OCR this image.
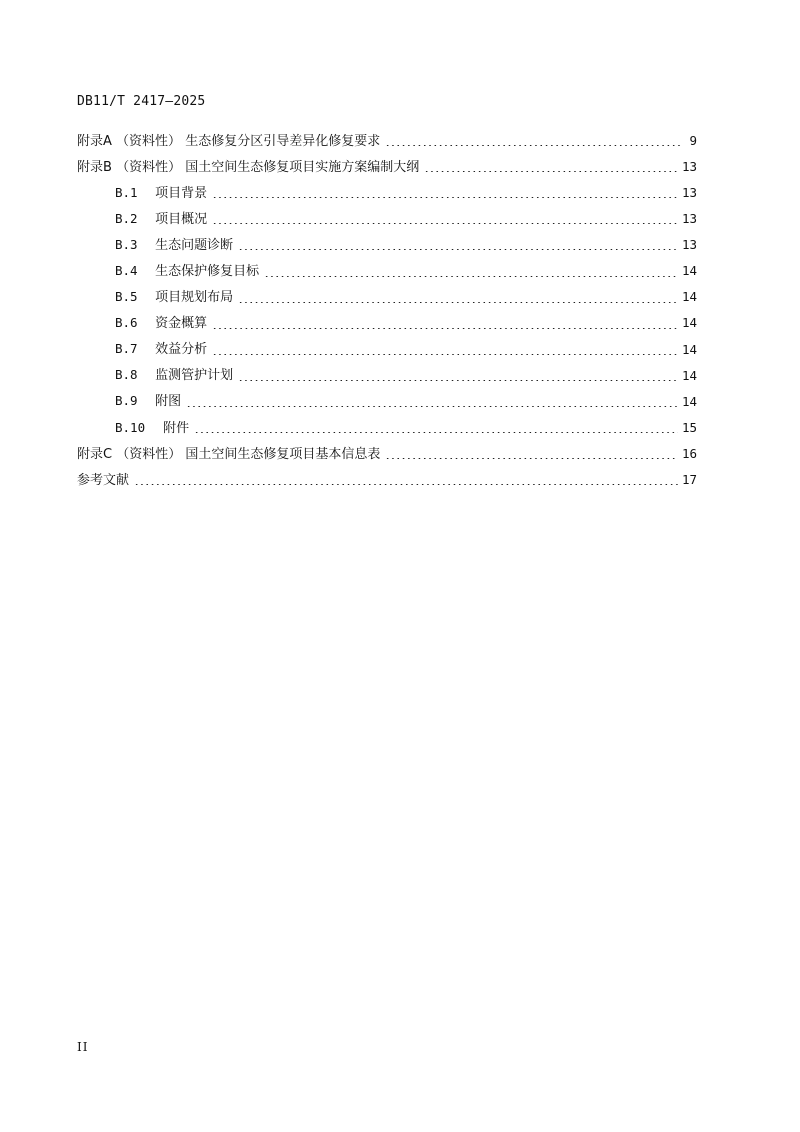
DB11/T 2417—2025
附录A （资料性） 生态修复分区引导差异化修复要求	9
附录B （资料性） 国土空间生态修复项目实施方案编制大纲	13
B.1 项目背景	13
B.2 项目概况	13
B.3 生态问题诊断	13
B.4 生态保护修复目标	14
B.5 项目规划布局	14
B.6 资金概算	14
B.7 效益分析	14
B.8 监测管护计划	14
B.9 附图	14
B.10 附件	15
附录C （资料性） 国土空间生态修复项目基本信息表	16
参考文献	17
II
